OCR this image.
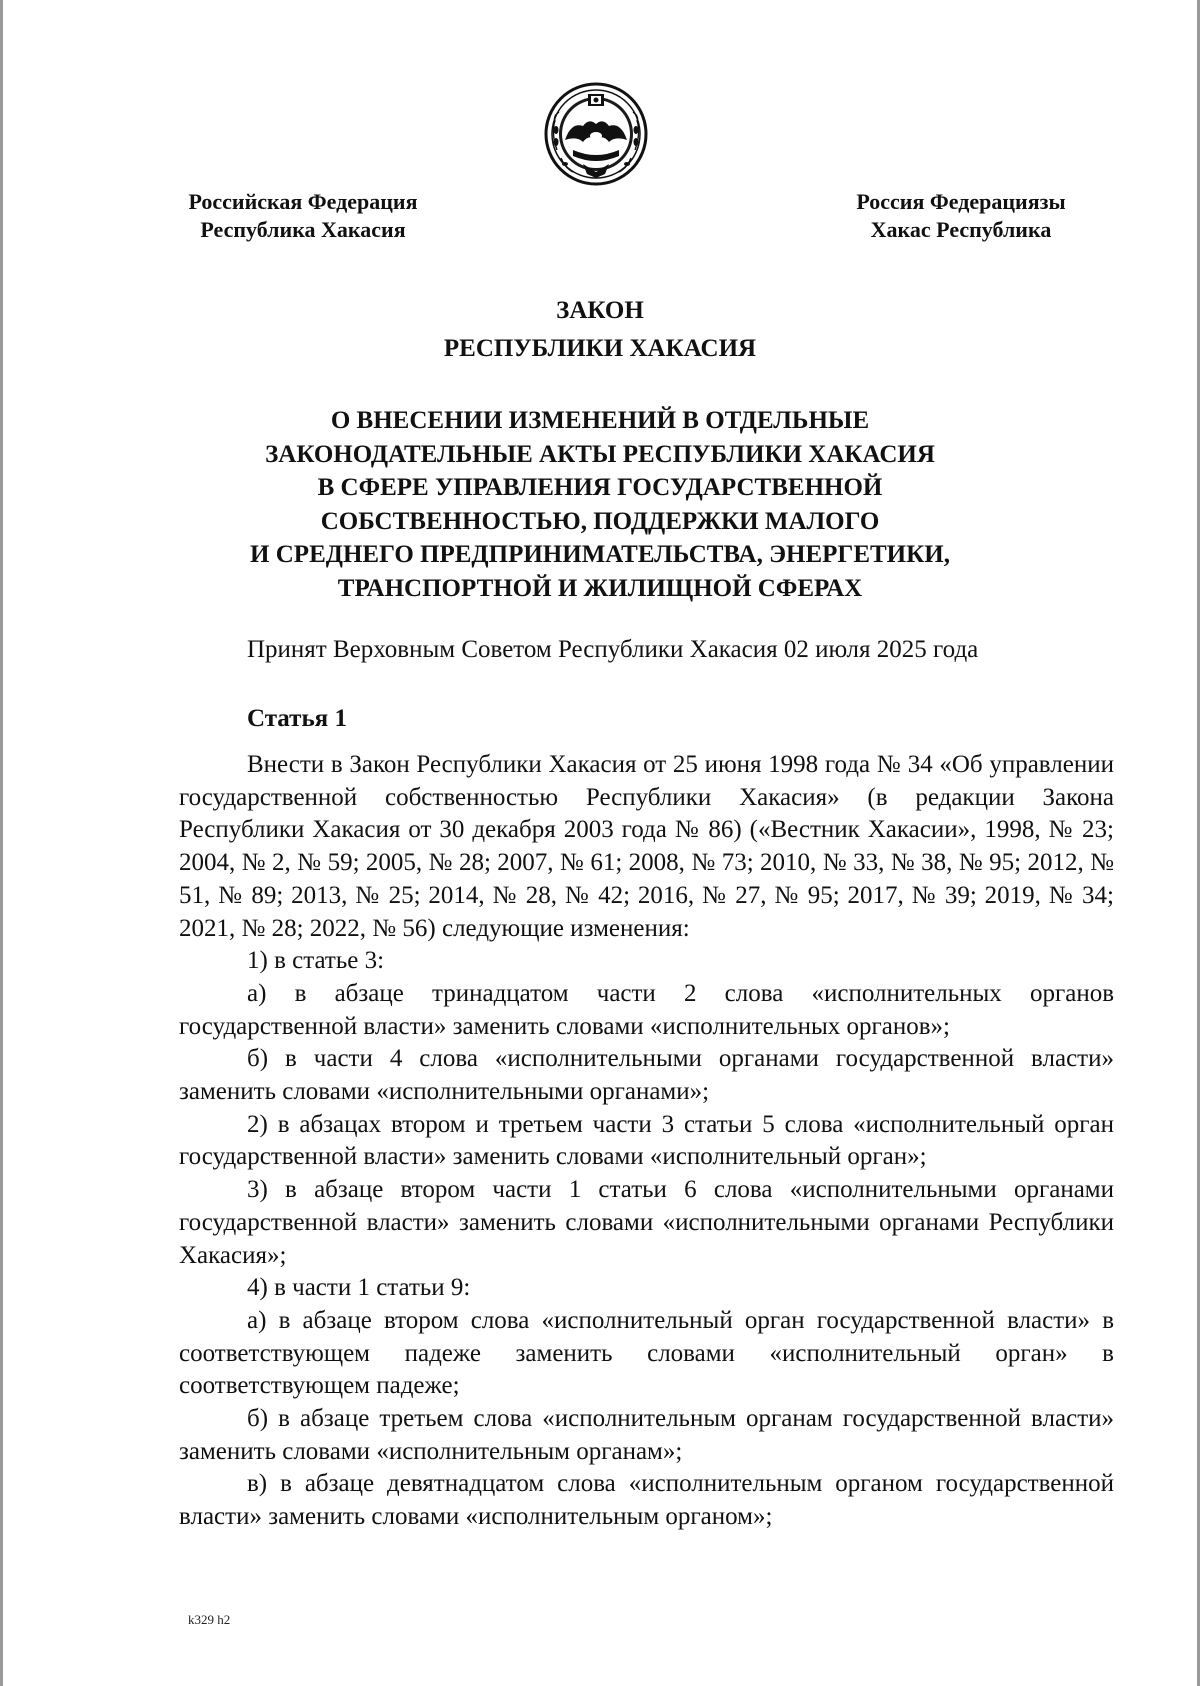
Российская Федерация
Республика Хакасия
Россия Федерациязы
Хакас Республика
ЗАКОН
РЕСПУБЛИКИ ХАКАСИЯ
О ВНЕСЕНИИ ИЗМЕНЕНИЙ В ОТДЕЛЬНЫЕ
ЗАКОНОДАТЕЛЬНЫЕ АКТЫ РЕСПУБЛИКИ ХАКАСИЯ
В СФЕРЕ УПРАВЛЕНИЯ ГОСУДАРСТВЕННОЙ
СОБСТВЕННОСТЬЮ, ПОДДЕРЖКИ МАЛОГО
И СРЕДНЕГО ПРЕДПРИНИМАТЕЛЬСТВА, ЭНЕРГЕТИКИ,
ТРАНСПОРТНОЙ И ЖИЛИЩНОЙ СФЕРАХ
Принят Верховным Советом Республики Хакасия 02 июля 2025 года
Статья 1

Внести в Закон Республики Хакасия от 25 июня 1998 года № 34 «Об управлении государственной собственностью Республики Хакасия» (в редакции Закона Республики Хакасия от 30 декабря 2003 года № 86) («Вестник Хакасии», 1998, № 23; 2004, № 2, № 59; 2005, № 28; 2007, № 61; 2008, № 73; 2010, № 33, № 38, № 95; 2012, № 51, № 89; 2013, № 25; 2014, № 28, № 42; 2016, № 27, № 95; 2017, № 39; 2019, № 34; 2021, № 28; 2022, № 56) следующие изменения:

1) в статье 3:

а) в абзаце тринадцатом части 2 слова «исполнительных органов государственной власти» заменить словами «исполнительных органов»;

б) в части 4 слова «исполнительными органами государственной власти» заменить словами «исполнительными органами»;

2) в абзацах втором и третьем части 3 статьи 5 слова «исполнительный орган государственной власти» заменить словами «исполнительный орган»;

3) в абзаце втором части 1 статьи 6 слова «исполнительными органами государственной власти» заменить словами «исполнительными органами Республики Хакасия»;

4) в части 1 статьи 9:

а) в абзаце втором слова «исполнительный орган государственной власти» в соответствующем падеже заменить словами «исполнительный орган» в соответствующем падеже;

б) в абзаце третьем слова «исполнительным органам государственной власти» заменить словами «исполнительным органам»;

в) в абзаце девятнадцатом слова «исполнительным органом государственной власти» заменить словами «исполнительным органом»;

k329 h2
